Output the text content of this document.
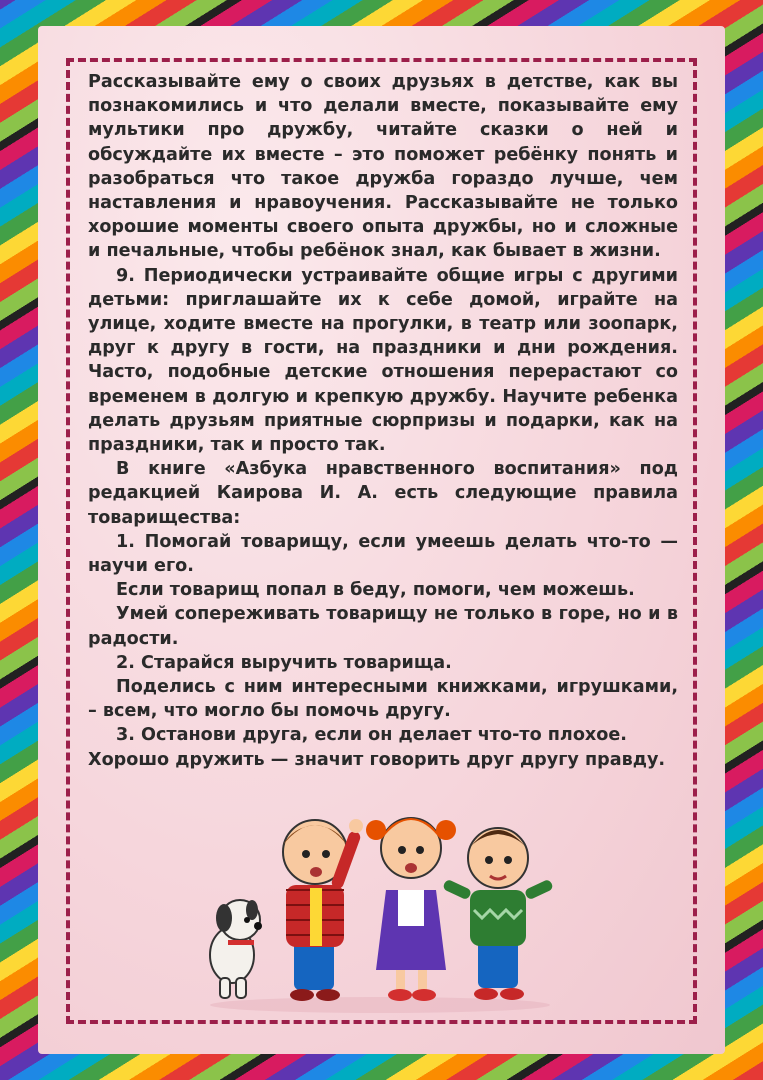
Рассказывайте ему о своих друзьях в детстве, как вы познакомились и что делали вместе, показывайте ему мультики про дружбу, читайте сказки о ней и обсуждайте их вместе – это поможет ребёнку понять и разобраться что такое дружба гораздо лучше, чем наставления и нравоучения. Рассказывайте не только хорошие моменты своего опыта дружбы, но и сложные и печальные, чтобы ребёнок знал, как бывает в жизни.

9. Периодически устраивайте общие игры с другими детьми: приглашайте их к себе домой, играйте на улице, ходите вместе на прогулки, в театр или зоопарк, друг к другу в гости, на праздники и дни рождения. Часто, подобные детские отношения перерастают со временем в долгую и крепкую дружбу. Научите ребенка делать друзьям приятные сюрпризы и подарки, как на праздники, так и просто так.

В книге «Азбука нравственного воспитания» под редакцией Каирова И. А. есть следующие правила товарищества:

1. Помогай товарищу, если умеешь делать что-то — научи его.

Если товарищ попал в беду, помоги, чем можешь.

Умей сопереживать товарищу не только в горе, но и в радости.

2. Старайся выручить товарища.

Поделись с ним интересными книжками, игрушками, – всем, что могло бы помочь другу.

3. Останови друга, если он делает что-то плохое.

Хорошо дружить — значит говорить друг другу правду.
